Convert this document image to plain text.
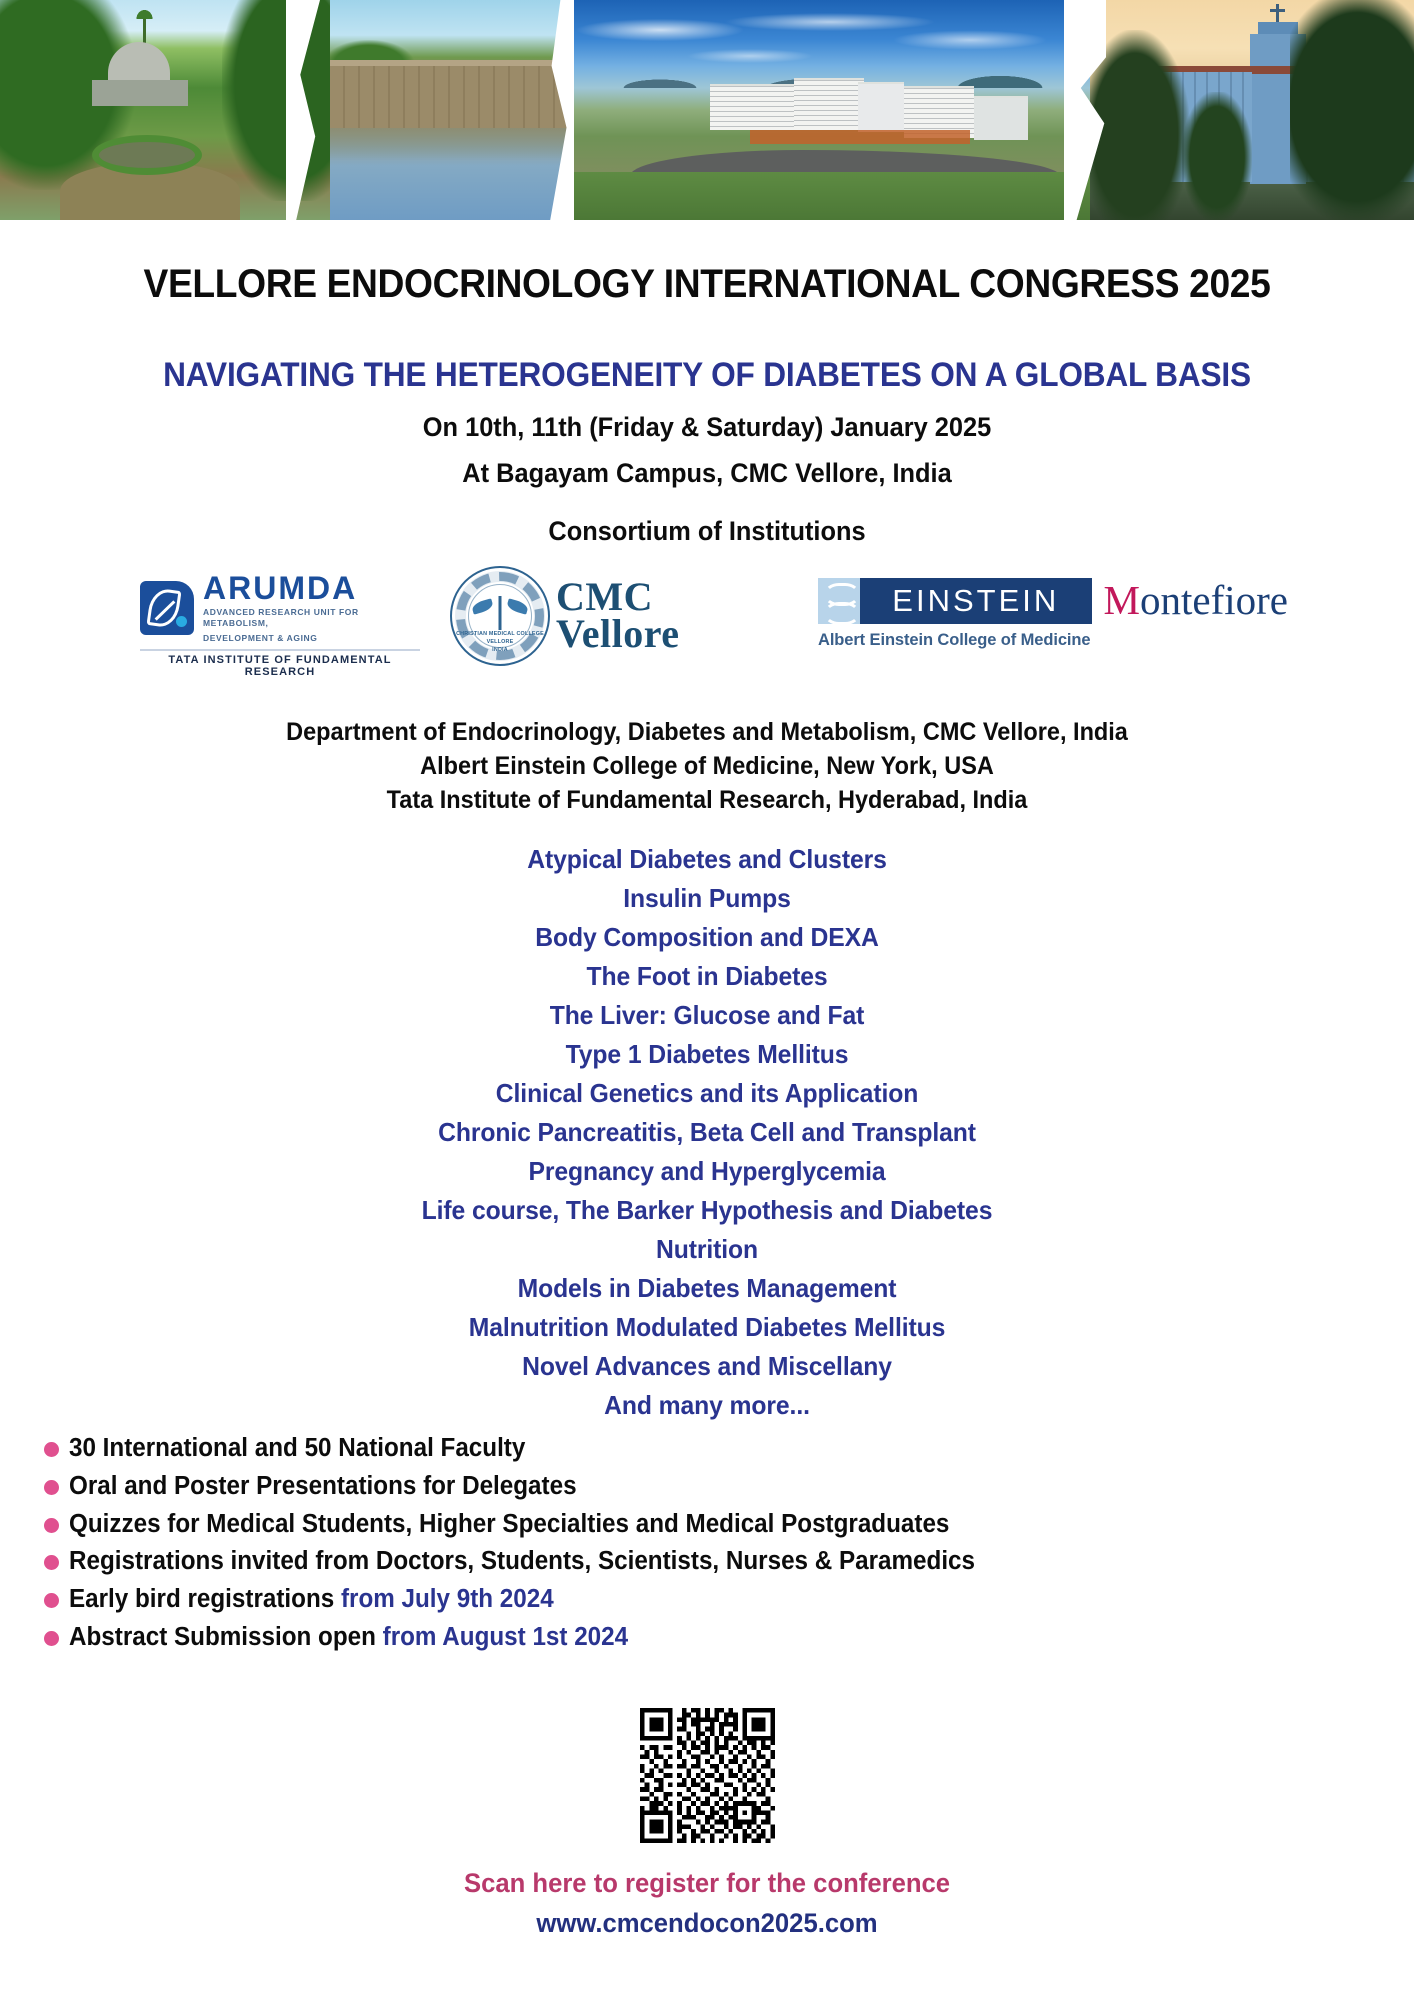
VELLORE ENDOCRINOLOGY INTERNATIONAL CONGRESS 2025
NAVIGATING THE HETEROGENEITY OF DIABETES ON A GLOBAL BASIS
On 10th, 11th (Friday & Saturday) January 2025
At Bagayam Campus, CMC Vellore, India
Consortium of Institutions
ARUMDA
ADVANCED RESEARCH UNIT FOR METABOLISM,
DEVELOPMENT & AGING
TATA INSTITUTE OF FUNDAMENTAL RESEARCH
CHRISTIAN MEDICAL COLLEGE
VELLORE
INDIA
CMC
Vellore
EINSTEIN
Albert Einstein College of Medicine
Montefiore
Department of Endocrinology, Diabetes and Metabolism, CMC Vellore, India
Albert Einstein College of Medicine, New York, USA
Tata Institute of Fundamental Research, Hyderabad, India
Atypical Diabetes and Clusters
Insulin Pumps
Body Composition and DEXA
The Foot in Diabetes
The Liver: Glucose and Fat
Type 1 Diabetes Mellitus
Clinical Genetics and its Application
Chronic Pancreatitis, Beta Cell and Transplant
Pregnancy and Hyperglycemia
Life course, The Barker Hypothesis and Diabetes
Nutrition
Models in Diabetes Management
Malnutrition Modulated Diabetes Mellitus
Novel Advances and Miscellany
And many more...
30 International and 50 National Faculty
Oral and Poster Presentations for Delegates
Quizzes for Medical Students, Higher Specialties and Medical Postgraduates
Registrations invited from Doctors, Students, Scientists, Nurses & Paramedics
Early bird registrations from July 9th 2024
Abstract Submission open from August 1st 2024
Scan here to register for the conference
www.cmcendocon2025.com
